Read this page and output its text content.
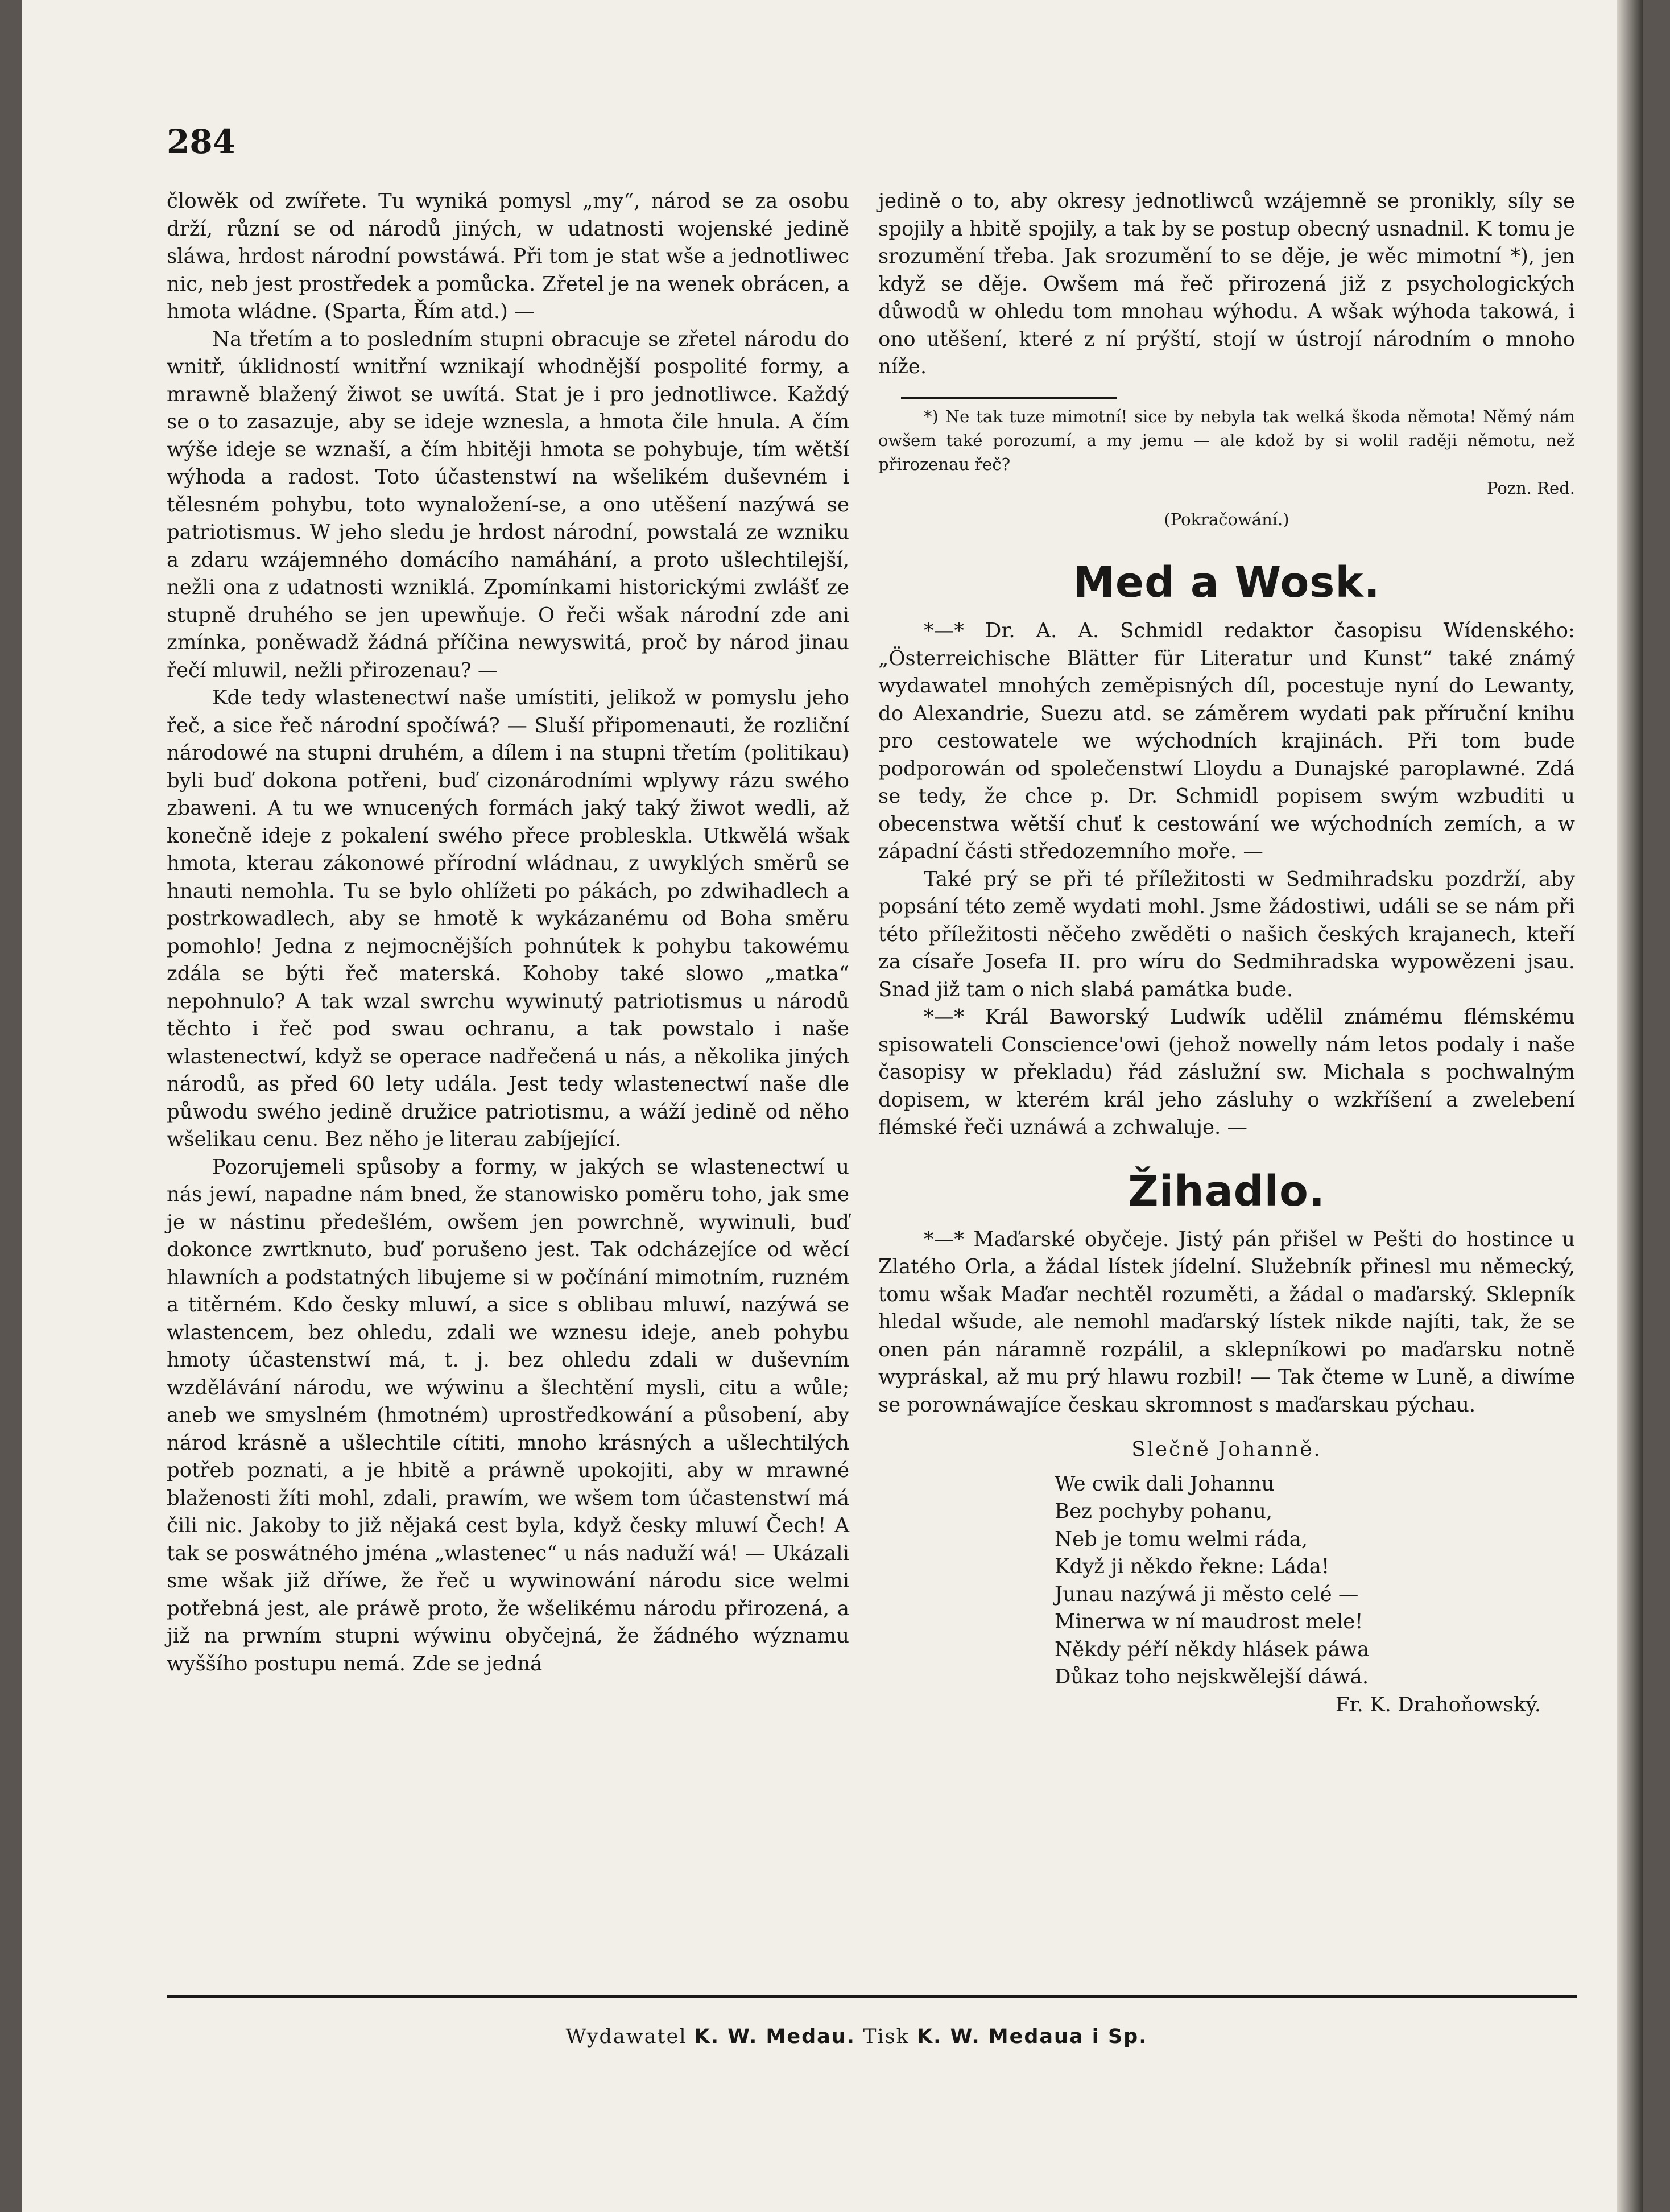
284

člowěk od zwířete. Tu wyniká pomysl „my“, národ se za osobu drží, různí se od národů jiných, w udatnosti wojenské jedině sláwa, hrdost národní powstáwá. Při tom je stat wše a jednotliwec nic, neb jest prostředek a pomůcka. Zřetel je na wenek obrácen, a hmota wládne. (Sparta, Řím atd.) —

Na třetím a to posledním stupni obracuje se zřetel národu do wnitř, úklidností wnitřní wznikají whodnější pospolité formy, a mrawně blažený žiwot se uwítá. Stat je i pro jednotliwce. Každý se o to zasazuje, aby se ideje wznesla, a hmota čile hnula. A čím wýše ideje se wznaší, a čím hbitěji hmota se pohybuje, tím wětší wýhoda a radost. Toto účastenstwí na wšelikém duševném i tělesném pohybu, toto wynaložení-se, a ono utěšení nazýwá se patriotismus. W jeho sledu je hrdost národní, powstalá ze wzniku a zdaru wzájemného domácího namáhání, a proto ušlechtilejší, nežli ona z udatnosti wzniklá. Zpomínkami historickými zwlášť ze stupně druhého se jen upewňuje. O řeči wšak národní zde ani zmínka, poněwadž žádná příčina newyswitá, proč by národ jinau řečí mluwil, nežli přirozenau? —

Kde tedy wlastenectwí naše umístiti, jelikož w pomyslu jeho řeč, a sice řeč národní spočíwá? — Sluší připomenauti, že rozliční národowé na stupni druhém, a dílem i na stupni třetím (politikau) byli buď dokona potřeni, buď cizonárodními wplywy rázu swého zbaweni. A tu we wnucených formách jaký taký žiwot wedli, až konečně ideje z pokalení swého přece probleskla. Utkwělá wšak hmota, kterau zákonowé přírodní wládnau, z uwyklých směrů se hnauti nemohla. Tu se bylo ohlížeti po pákách, po zdwihadlech a postrkowadlech, aby se hmotě k wykázanému od Boha směru pomohlo! Jedna z nejmocnějších pohnútek k pohybu takowému zdála se býti řeč materská. Kohoby také slowo „matka“ nepohnulo? A tak wzal swrchu wywinutý patriotismus u národů těchto i řeč pod swau ochranu, a tak powstalo i naše wlastenectwí, když se operace nadřečená u nás, a několika jiných národů, as před 60 lety udála. Jest tedy wlastenectwí naše dle půwodu swého jedině družice patriotismu, a wáží jedině od něho wšelikau cenu. Bez něho je literau zabíjející.

Pozorujemeli spůsoby a formy, w jakých se wlastenectwí u nás jewí, napadne nám bned, že stanowisko poměru toho, jak sme je w nástinu předešlém, owšem jen powrchně, wywinuli, buď dokonce zwrtknuto, buď porušeno jest. Tak odcházejíce od wěcí hlawních a podstatných libujeme si w počínání mimotním, ruzném a titěrném. Kdo česky mluwí, a sice s oblibau mluwí, nazýwá se wlastencem, bez ohledu, zdali we wznesu ideje, aneb pohybu hmoty účastenstwí má, t. j. bez ohledu zdali w duševním wzdělávání národu, we wýwinu a šlechtění mysli, citu a wůle; aneb we smyslném (hmotném) uprostředkowání a působení, aby národ krásně a ušlechtile cítiti, mnoho krásných a ušlechtilých potřeb poznati, a je hbitě a práwně upokojiti, aby w mrawné blaženosti žíti mohl, zdali, prawím, we wšem tom účastenstwí má čili nic. Jakoby to již nějaká cest byla, když česky mluwí Čech! A tak se poswátného jména „wlastenec“ u nás naduží wá! — Ukázali sme wšak již dříwe, že řeč u wywinowání národu sice welmi potřebná jest, ale práwě proto, že wšelikému národu přirozená, a již na prwním stupni wýwinu obyčejná, že žádného wýznamu wyššího postupu nemá. Zde se jedná

jedině o to, aby okresy jednotliwců wzájemně se pronikly, síly se spojily a hbitě spojily, a tak by se postup obecný usnadnil. K tomu je srozumění třeba. Jak srozumění to se děje, je wěc mimotní *), jen když se děje. Owšem má řeč přirozená již z psychologických důwodů w ohledu tom mnohau wýhodu. A wšak wýhoda takowá, i ono utěšení, které z ní prýští, stojí w ústrojí národním o mnoho níže.

*) Ne tak tuze mimotní! sice by nebyla tak welká škoda němota! Němý nám owšem také porozumí, a my jemu — ale kdož by si wolil raději němotu, než přirozenau řeč?

Pozn. Red.

(Pokračowání.)
Med a Wosk.

*—* Dr. A. A. Schmidl redaktor časopisu Wídenského: „Österreichische Blätter für Literatur und Kunst“ také známý wydawatel mnohých zeměpisných díl, pocestuje nyní do Lewanty, do Alexandrie, Suezu atd. se záměrem wydati pak příruční knihu pro cestowatele we wýchodních krajinách. Při tom bude podporowán od společenstwí Lloydu a Dunajské paroplawné. Zdá se tedy, že chce p. Dr. Schmidl popisem swým wzbuditi u obecenstwa wětší chuť k cestowání we wýchodních zemích, a w západní části středozemního moře. —

Také prý se při té příležitosti w Sedmihradsku pozdrží, aby popsání této země wydati mohl. Jsme žádostiwi, událi se se nám při této příležitosti něčeho zwěděti o našich českých krajanech, kteří za císaře Josefa II. pro wíru do Sedmihradska wypowězeni jsau. Snad již tam o nich slabá památka bude.

*—* Král Baworský Ludwík udělil známému flémskému spisowateli Conscience'owi (jehož nowelly nám letos podaly i naše časopisy w překladu) řád záslužní sw. Michala s pochwalným dopisem, w kterém král jeho zásluhy o wzkříšení a zwelebení flémské řeči uznáwá a zchwaluje. —

Žihadlo.

*—* Maďarské obyčeje. Jistý pán přišel w Pešti do hostince u Zlatého Orla, a žádal lístek jídelní. Služebník přinesl mu německý, tomu wšak Maďar nechtěl rozuměti, a žádal o maďarský. Sklepník hledal wšude, ale nemohl maďarský lístek nikde najíti, tak, že se onen pán náramně rozpálil, a sklepníkowi po maďarsku notně wypráskal, až mu prý hlawu rozbil! — Tak čteme w Luně, a diwíme se porownáwajíce českau skromnost s maďarskau pýchau.

Slečně Johanně.
We cwik dali Johannu
Bez pochyby pohanu,
Neb je tomu welmi ráda,
Když ji někdo řekne: Láda!
Junau nazýwá ji město celé —
Minerwa w ní maudrost mele!
Někdy péří někdy hlásek páwa
Důkaz toho nejskwělejší dáwá.
Fr. K. Drahoňowský.
Wydawatel K. W. Medau. Tisk K. W. Medaua i Sp.
